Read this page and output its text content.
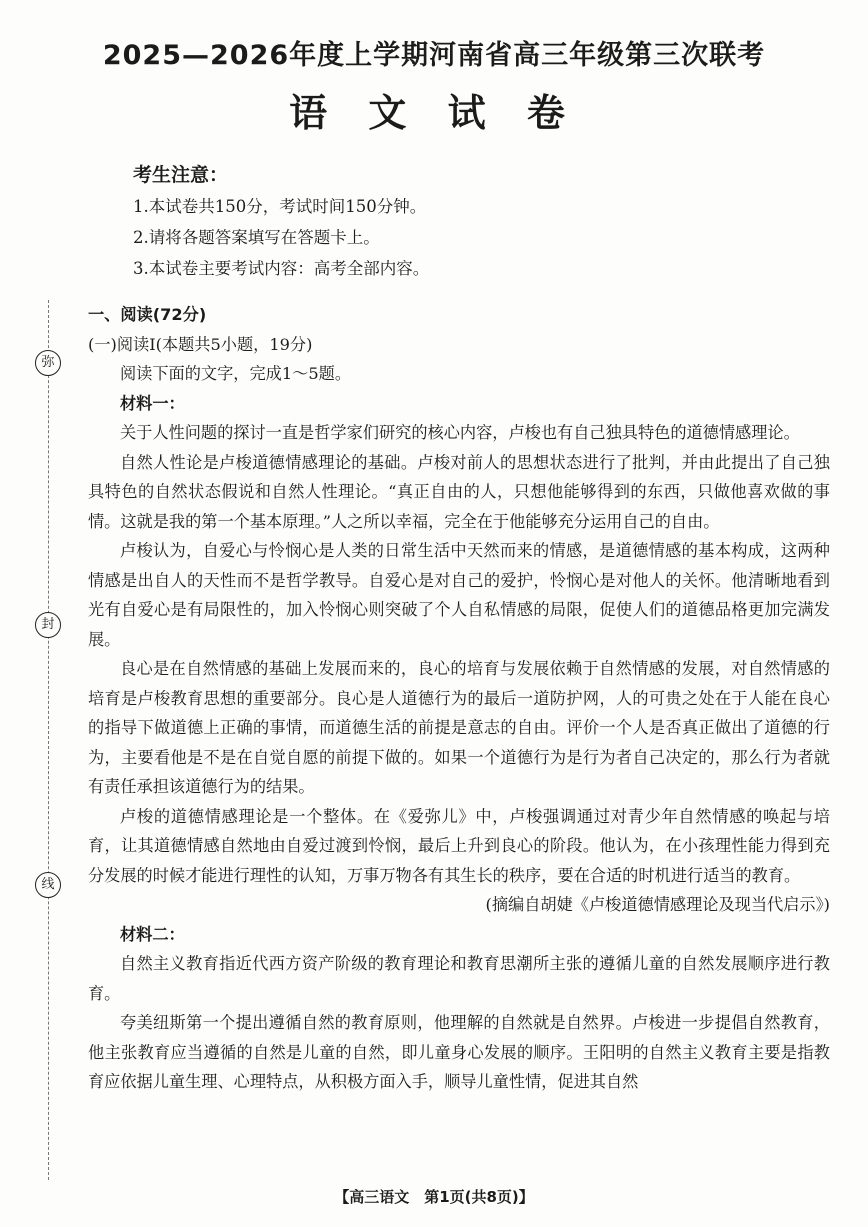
2025—2026年度上学期河南省高三年级第三次联考
语 文 试 卷
考生注意：
1.本试卷共150分，考试时间150分钟。
2.请将各题答案填写在答题卡上。
3.本试卷主要考试内容：高考全部内容。
弥
封
线
一、阅读(72分)
(一)阅读Ⅰ(本题共5小题，19分)
阅读下面的文字，完成1～5题。
材料一：
关于人性问题的探讨一直是哲学家们研究的核心内容，卢梭也有自己独具特色的道德情感理论。
自然人性论是卢梭道德情感理论的基础。卢梭对前人的思想状态进行了批判，并由此提出了自己独具特色的自然状态假说和自然人性理论。“真正自由的人，只想他能够得到的东西，只做他喜欢做的事情。这就是我的第一个基本原理。”人之所以幸福，完全在于他能够充分运用自己的自由。
卢梭认为，自爱心与怜悯心是人类的日常生活中天然而来的情感，是道德情感的基本构成，这两种情感是出自人的天性而不是哲学教导。自爱心是对自己的爱护，怜悯心是对他人的关怀。他清晰地看到光有自爱心是有局限性的，加入怜悯心则突破了个人自私情感的局限，促使人们的道德品格更加完满发展。
良心是在自然情感的基础上发展而来的，良心的培育与发展依赖于自然情感的发展，对自然情感的培育是卢梭教育思想的重要部分。良心是人道德行为的最后一道防护网，人的可贵之处在于人能在良心的指导下做道德上正确的事情，而道德生活的前提是意志的自由。评价一个人是否真正做出了道德的行为，主要看他是不是在自觉自愿的前提下做的。如果一个道德行为是行为者自己决定的，那么行为者就有责任承担该道德行为的结果。
卢梭的道德情感理论是一个整体。在《爱弥儿》中，卢梭强调通过对青少年自然情感的唤起与培育，让其道德情感自然地由自爱过渡到怜悯，最后上升到良心的阶段。他认为，在小孩理性能力得到充分发展的时候才能进行理性的认知，万事万物各有其生长的秩序，要在合适的时机进行适当的教育。
(摘编自胡婕《卢梭道德情感理论及现当代启示》)
材料二：
自然主义教育指近代西方资产阶级的教育理论和教育思潮所主张的遵循儿童的自然发展顺序进行教育。
夸美纽斯第一个提出遵循自然的教育原则，他理解的自然就是自然界。卢梭进一步提倡自然教育，他主张教育应当遵循的自然是儿童的自然，即儿童身心发展的顺序。王阳明的自然主义教育主要是指教育应依据儿童生理、心理特点，从积极方面入手，顺导儿童性情，促进其自然
【高三语文　第1页(共8页)】
